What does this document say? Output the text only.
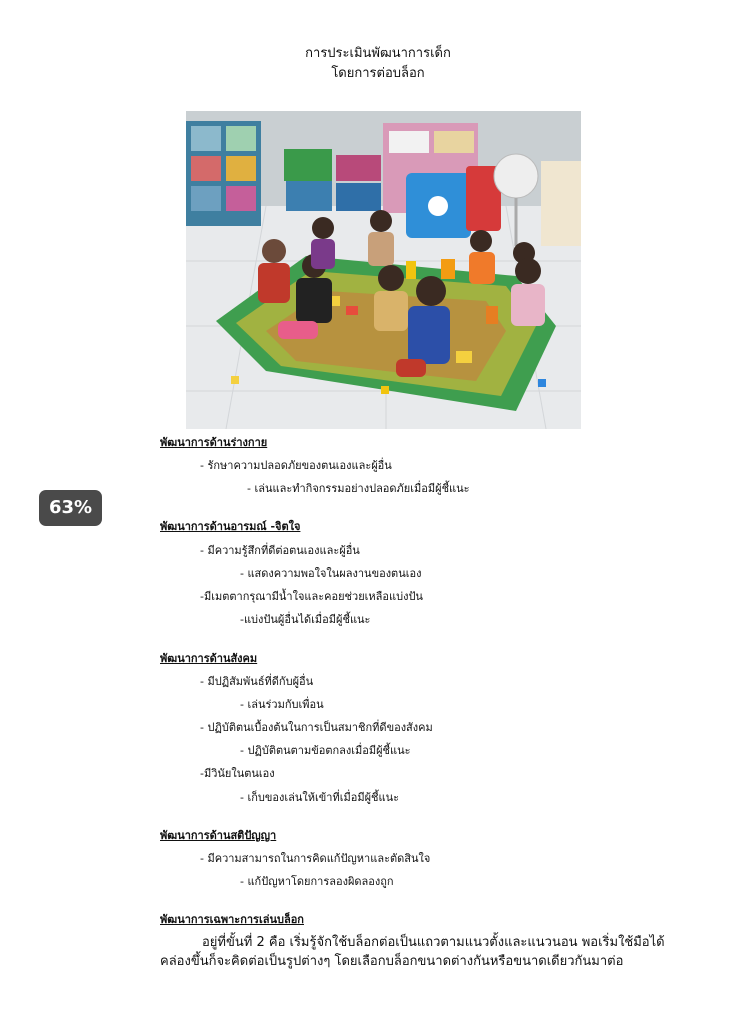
การประเมินพัฒนาการเด็ก
โดยการต่อบล็อก
63%
พัฒนาการด้านร่างกาย
- รักษาความปลอดภัยของตนเองและผู้อื่น
- เล่นและทำกิจกรรมอย่างปลอดภัยเมื่อมีผู้ชี้แนะ
พัฒนาการด้านอารมณ์ -จิตใจ
- มีความรู้สึกที่ดีต่อตนเองและผู้อื่น
- แสดงความพอใจในผลงานของตนเอง
-มีเมตตากรุณามีน้ำใจและคอยช่วยเหลือแบ่งปัน
-แบ่งปันผู้อื่นได้เมื่อมีผู้ชี้แนะ
พัฒนาการด้านสังคม
- มีปฏิสัมพันธ์ที่ดีกับผู้อื่น
- เล่นร่วมกับเพื่อน
- ปฏิบัติตนเบื้องต้นในการเป็นสมาชิกที่ดีของสังคม
- ปฏิบัติตนตามข้อตกลงเมื่อมีผู้ชี้แนะ
-มีวินัยในตนเอง
- เก็บของเล่นให้เข้าที่เมื่อมีผู้ชี้แนะ
พัฒนาการด้านสติปัญญา
- มีความสามารถในการคิดแก้ปัญหาและตัดสินใจ
- แก้ปัญหาโดยการลองผิดลองถูก
พัฒนาการเฉพาะการเล่นบล็อก
อยู่ที่ขั้นที่ 2 คือ เริ่มรู้จักใช้บล็อกต่อเป็นแถวตามแนวตั้งและแนวนอน พอเริ่มใช้มือได้
คล่องขึ้นก็จะคิดต่อเป็นรูปต่างๆ โดยเลือกบล็อกขนาดต่างกันหรือขนาดเดียวกันมาต่อ
